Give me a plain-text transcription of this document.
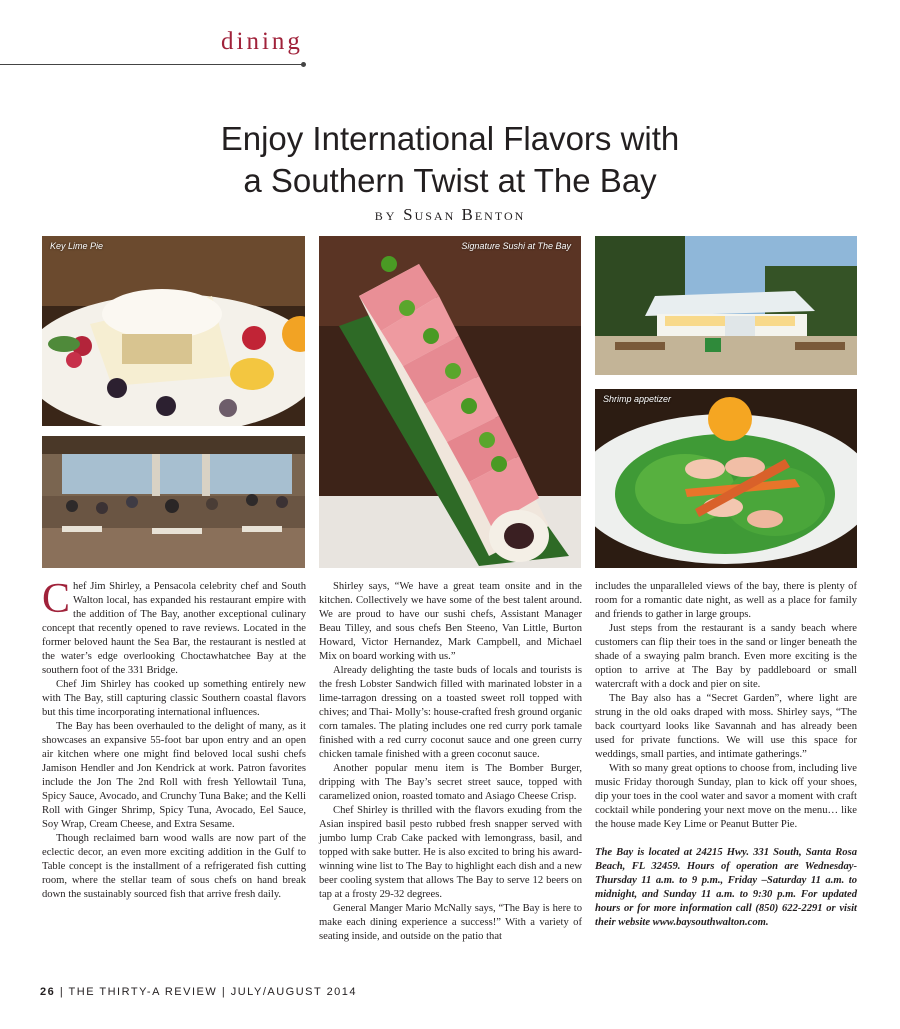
dining
Enjoy International Flavors with
a Southern Twist at The Bay
BY Susan Benton
Key Lime Pie	Signature Sushi at The Bay
Shrimp appetizer

Chef Jim Shirley, a Pensacola celebrity chef and South Walton local, has expanded his restaurant empire with the addition of The Bay, another exceptional culinary concept that recently opened to rave reviews. Located in the former beloved haunt the Sea Bar, the restaurant is nestled at the water’s edge overlooking Choctawhatchee Bay at the southern foot of the 331 Bridge.

Chef Jim Shirley has cooked up something entirely new with The Bay, still capturing classic Southern coastal flavors but this time incorporating international influences.

The Bay has been overhauled to the delight of many, as it showcases an expansive 55-foot bar upon entry and an open air kitchen where one might find beloved local sushi chefs Jamison Hendler and Jon Kendrick at work. Patron favorites include the Jon The 2nd Roll with fresh Yellowtail Tuna, Spicy Sauce, Avocado, and Crunchy Tuna Bake; and the Kelli Roll with Ginger Shrimp, Spicy Tuna, Avocado, Eel Sauce, Soy Wrap, Cream Cheese, and Extra Sesame.

Though reclaimed barn wood walls are now part of the eclectic decor, an even more exciting addition in the Gulf to Table concept is the installment of a refrigerated fish cutting room, where the stellar team of sous chefs on hand break down the sustainably sourced fish that arrive fresh daily.

Shirley says, “We have a great team onsite and in the kitchen. Collectively we have some of the best talent around. We are proud to have our sushi chefs, Assistant Manager Beau Tilley, and sous chefs Ben Steeno, Van Little, Burton Howard, Victor Hernandez, Mark Campbell, and Michael Mix on board working with us.”

Already delighting the taste buds of locals and tourists is the fresh Lobster Sandwich filled with marinated lobster in a lime-tarragon dressing on a toasted sweet roll topped with chives; and Thai- Molly’s: house-crafted fresh ground organic corn tamales. The plating includes one red curry pork tamale finished with a red curry coconut sauce and one green curry chicken tamale finished with a green coconut sauce.

Another popular menu item is The Bomber Burger, dripping with The Bay’s secret street sauce, topped with caramelized onion, roasted tomato and Asiago Cheese Crisp.

Chef Shirley is thrilled with the flavors exuding from the Asian inspired basil pesto rubbed fresh snapper served with jumbo lump Crab Cake packed with lemongrass, basil, and topped with sake butter. He is also excited to bring his award-winning wine list to The Bay to highlight each dish and a new beer cooling system that allows The Bay to serve 12 beers on tap at a frosty 29-32 degrees.

General Manger Mario McNally says, “The Bay is here to make each dining experience a success!” With a variety of seating inside, and outside on the patio that

includes the unparalleled views of the bay, there is plenty of room for a romantic date night, as well as a place for family and friends to gather in large groups.

Just steps from the restaurant is a sandy beach where customers can flip their toes in the sand or linger beneath the shade of a swaying palm branch. Even more exciting is the option to arrive at The Bay by paddleboard or small watercraft with a dock and pier on site.

The Bay also has a “Secret Garden”, where light are strung in the old oaks draped with moss. Shirley says, “The back courtyard looks like Savannah and has already been used for private functions. We will use this space for weddings, small parties, and intimate gatherings.”

With so many great options to choose from, including live music Friday thorough Sunday, plan to kick off your shoes, dip your toes in the cool water and savor a moment with craft cocktail while pondering your next move on the menu… like the house made Key Lime or Peanut Butter Pie.

The Bay is located at 24215 Hwy. 331 South, Santa Rosa Beach, FL 32459. Hours of operation are Wednesday-Thursday 11 a.m. to 9 p.m., Friday –Saturday 11 a.m. to midnight, and Sunday 11 a.m. to 9:30 p.m. For updated hours or for more information call (850) 622-2291 or visit their website www.baysouthwalton.com.

26 | THE THIRTY-A REVIEW | JULY/AUGUST 2014
